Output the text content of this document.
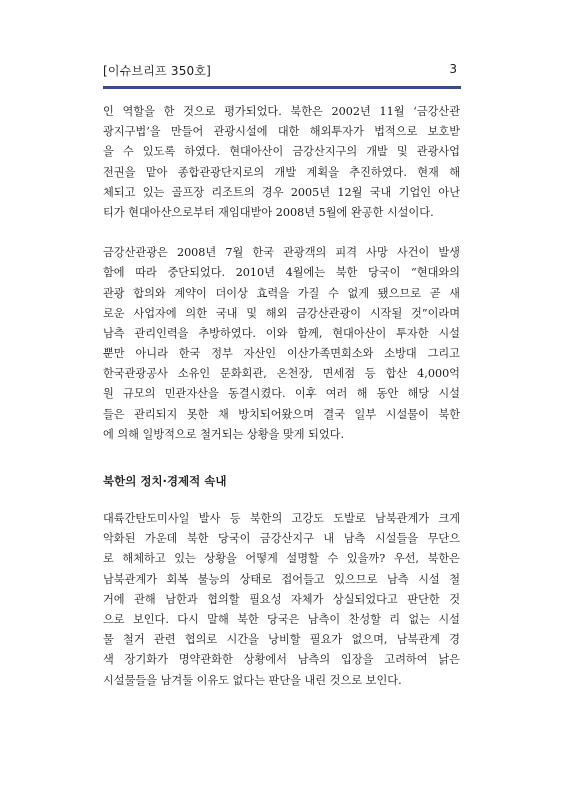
[이슈브리프 350호]	3
인 역할을 한 것으로 평가되었다. 북한은 2002년 11월 ‘금강산관
광지구법’을 만들어 관광시설에 대한 해외투자가 법적으로 보호받
을 수 있도록 하였다. 현대아산이 금강산지구의 개발 및 관광사업
전권을 맡아 종합관광단지로의 개발 계획을 추진하였다. 현재 해
체되고 있는 골프장 리조트의 경우 2005년 12월 국내 기업인 아난
티가 현대아산으로부터 재임대받아 2008년 5월에 완공한 시설이다.
금강산관광은 2008년 7월 한국 관광객의 피격 사망 사건이 발생
함에 따라 중단되었다. 2010년 4월에는 북한 당국이 “현대와의
관광 합의와 계약이 더이상 효력을 가질 수 없게 됐으므로 곧 새
로운 사업자에 의한 국내 및 해외 금강산관광이 시작될 것”이라며
남측 관리인력을 추방하였다. 이와 함께, 현대아산이 투자한 시설
뿐만 아니라 한국 정부 자산인 이산가족면회소와 소방대 그리고
한국관광공사 소유인 문화회관, 온천장, 면세점 등 합산 4,000억
원 규모의 민관자산을 동결시켰다. 이후 여러 해 동안 해당 시설
들은 관리되지 못한 채 방치되어왔으며 결국 일부 시설물이 북한
에 의해 일방적으로 철거되는 상황을 맞게 되었다.
북한의 정치·경제적 속내
대륙간탄도미사일 발사 등 북한의 고강도 도발로 남북관계가 크게
악화된 가운데 북한 당국이 금강산지구 내 남측 시설들을 무단으
로 해체하고 있는 상황을 어떻게 설명할 수 있을까? 우선, 북한은
남북관계가 회복 불능의 상태로 접어들고 있으므로 남측 시설 철
거에 관해 남한과 협의할 필요성 자체가 상실되었다고 판단한 것
으로 보인다. 다시 말해 북한 당국은 남측이 찬성할 리 없는 시설
물 철거 관련 협의로 시간을 낭비할 필요가 없으며, 남북관계 경
색 장기화가 명약관화한 상황에서 남측의 입장을 고려하여 낡은
시설물들을 남겨둘 이유도 없다는 판단을 내린 것으로 보인다.
